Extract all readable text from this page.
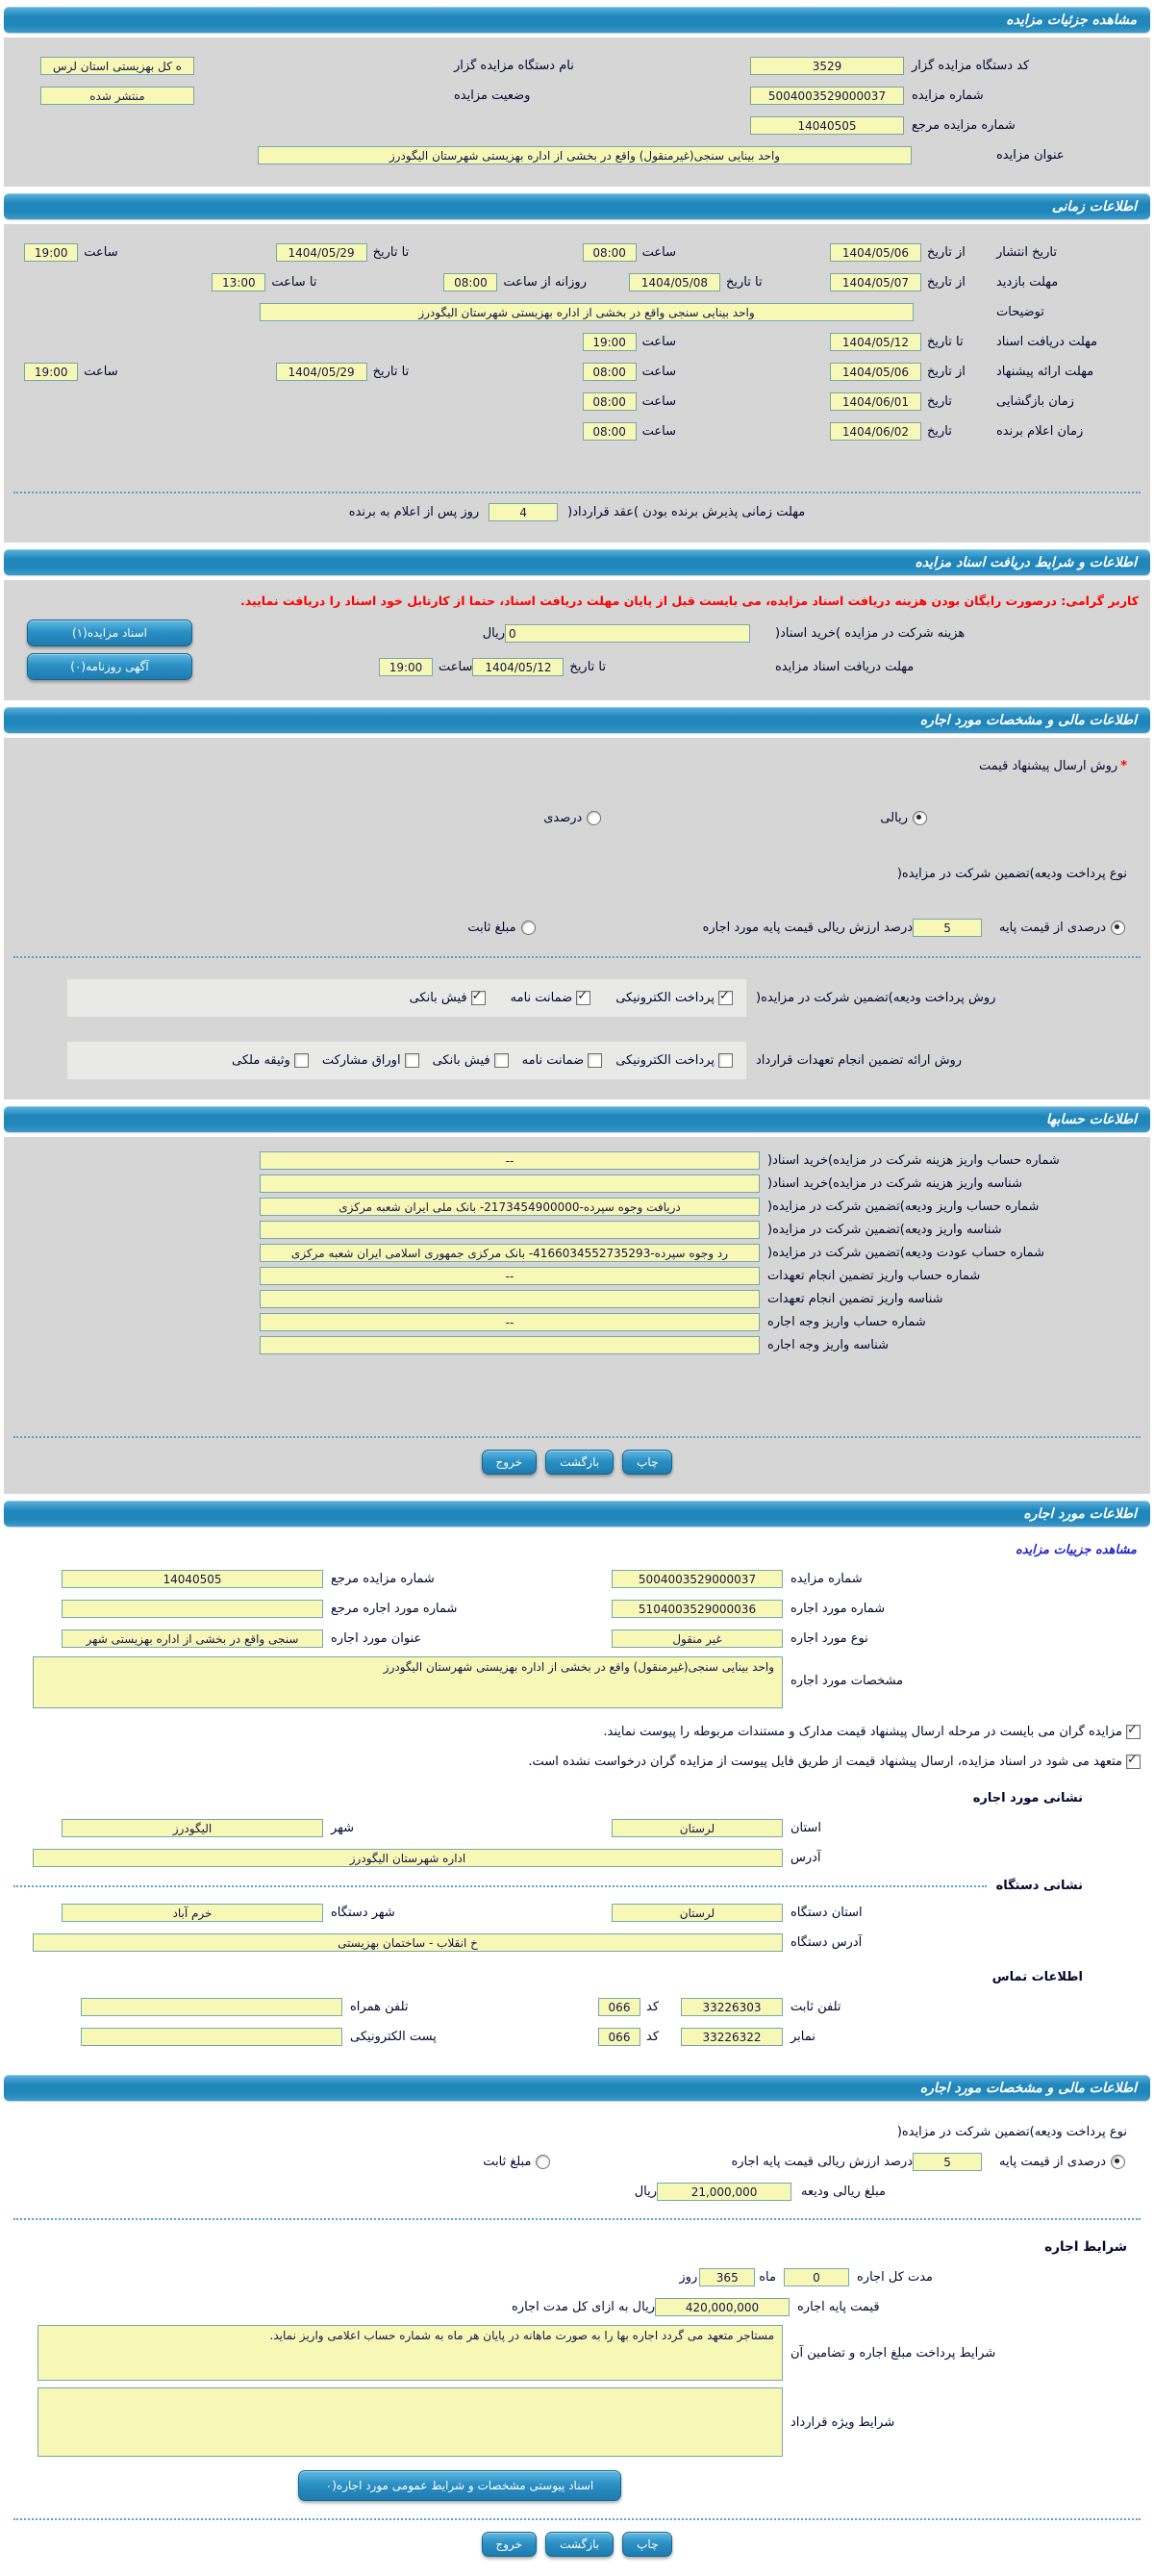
مشاهده جزئیات مزایده
کد دستگاه مزایده گزار
3529
نام دستگاه مزایده گزار
ه کل بهزیستی استان لرس
شماره مزایده
5004003529000037
وضعیت مزایده
منتشر شده
شماره مزایده مرجع
14040505
عنوان مزایده
واحد بینایی سنجی(غیرمنقول) واقع در بخشی از اداره بهزیستی شهرستان الیگودرز
اطلاعات زمانی
تاریخ انتشار
از تاریخ
1404/05/06
ساعت
08:00
تا تاریخ
1404/05/29
ساعت
19:00
مهلت بازدید
از تاریخ
1404/05/07
تا تاریخ
1404/05/08
روزانه از ساعت
08:00
تا ساعت
13:00
توضیحات
واحد بینایی سنجی واقع در بخشی از اداره بهزیستی شهرستان الیگودرز
مهلت دریافت اسناد
تا تاریخ
1404/05/12
ساعت
19:00
مهلت ارائه پیشنهاد
از تاریخ
1404/05/06
ساعت
08:00
تا تاریخ
1404/05/29
ساعت
19:00
زمان بازگشایی
تاریخ
1404/06/01
ساعت
08:00
زمان اعلام برنده
تاریخ
1404/06/02
ساعت
08:00
مهلت زمانی پذیرش برنده بودن )عقد قرارداد(
4
روز پس از اعلام به برنده
اطلاعات و شرایط دریافت اسناد مزایده
کاربر گرامی: درصورت رایگان بودن هزینه دریافت اسناد مزایده، می بایست قبل از پایان مهلت دریافت اسناد، حتما از کارتابل خود اسناد را دریافت نمایید.
هزینه شرکت در مزایده )خرید اسناد(
0
ریال
اسناد مزایده(۱)
مهلت دریافت اسناد مزایده
تا تاریخ
1404/05/12
ساعت
19:00
آگهی روزنامه(۰)
اطلاعات مالی و مشخصات مورد اجاره
*
روش ارسال پیشنهاد قیمت
ریالی
درصدی
نوع پرداخت ودیعه)تضمین شرکت در مزایده(
درصدی از قیمت پایه
5
درصد ارزش ریالی قیمت پایه مورد اجاره
مبلغ ثابت
روش پرداخت ودیعه)تضمین شرکت در مزایده(
✓
پرداخت الکترونیکی
✓
ضمانت نامه
✓
فیش بانکی
روش ارائه تضمین انجام تعهدات قرارداد
پرداخت الکترونیکی
ضمانت نامه
فیش بانکی
اوراق مشارکت
وثیقه ملکی
اطلاعات حسابها
شماره حساب واریز هزینه شرکت در مزایده)خرید اسناد(
--
شناسه واریز هزینه شرکت در مزایده)خرید اسناد(
شماره حساب واریز ودیعه)تضمین شرکت در مزایده(
دریافت وجوه سپرده-2173454900000- بانک ملی ایران شعبه مرکزی
شناسه واریز ودیعه)تضمین شرکت در مزایده(
شماره حساب عودت ودیعه)تضمین شرکت در مزایده(
رد وجوه سپرده-4166034552735293- بانک مرکزی جمهوری اسلامی ایران شعبه مرکزی
شماره حساب واریز تضمین انجام تعهدات
--
شناسه واریز تضمین انجام تعهدات
شماره حساب واریز وجه اجاره
--
شناسه واریز وجه اجاره
چاپ
بازگشت
خروج
اطلاعات مورد اجاره
مشاهده جزییات مزایده
شماره مزایده
5004003529000037
شماره مزایده مرجع
14040505
شماره مورد اجاره
5104003529000036
شماره مورد اجاره مرجع
نوع مورد اجاره
غیر منقول
عنوان مورد اجاره
سنجی واقع در بخشی از اداره بهزیستی شهر
مشخصات مورد اجاره
واحد بینایی سنجی(غیرمنقول) واقع در بخشی از اداره بهزیستی شهرستان الیگودرز
✓
مزایده گران می بایست در مرحله ارسال پیشنهاد قیمت مدارک و مستندات مربوطه را پیوست نمایند.
✓
متعهد می شود در اسناد مزایده، ارسال پیشنهاد قیمت از طریق فایل پیوست از مزایده گران درخواست نشده است.
نشانی مورد اجاره
استان
لرستان
شهر
الیگودرز
آدرس
اداره شهرستان الیگودرز
نشانی دستگاه
استان دستگاه
لرستان
شهر دستگاه
خرم آباد
آدرس دستگاه
خ انقلاب - ساختمان بهزیستی
اطلاعات تماس
تلفن ثابت
33226303
کد
066
تلفن همراه
نمابر
33226322
کد
066
پست الکترونیکی
اطلاعات مالی و مشخصات مورد اجاره
نوع پرداخت ودیعه)تضمین شرکت در مزایده(
درصدی از قیمت پایه
5
درصد ارزش ریالی قیمت پایه اجاره
مبلغ ثابت
مبلغ ریالی ودیعه
21,000,000
ریال
شرایط اجاره
مدت کل اجاره
0
ماه
365
روز
قیمت پایه اجاره
420,000,000
ریال به ازای کل مدت اجاره
شرایط پرداخت مبلغ اجاره و تضامین آن
مستاجر متعهد می گردد اجاره بها را به صورت ماهانه در پایان هر ماه به شماره حساب اعلامی واریز نماید.
شرایط ویژه قرارداد
اسناد پیوستی مشخصات و شرایط عمومی مورد اجاره(۰
چاپ
بازگشت
خروج
